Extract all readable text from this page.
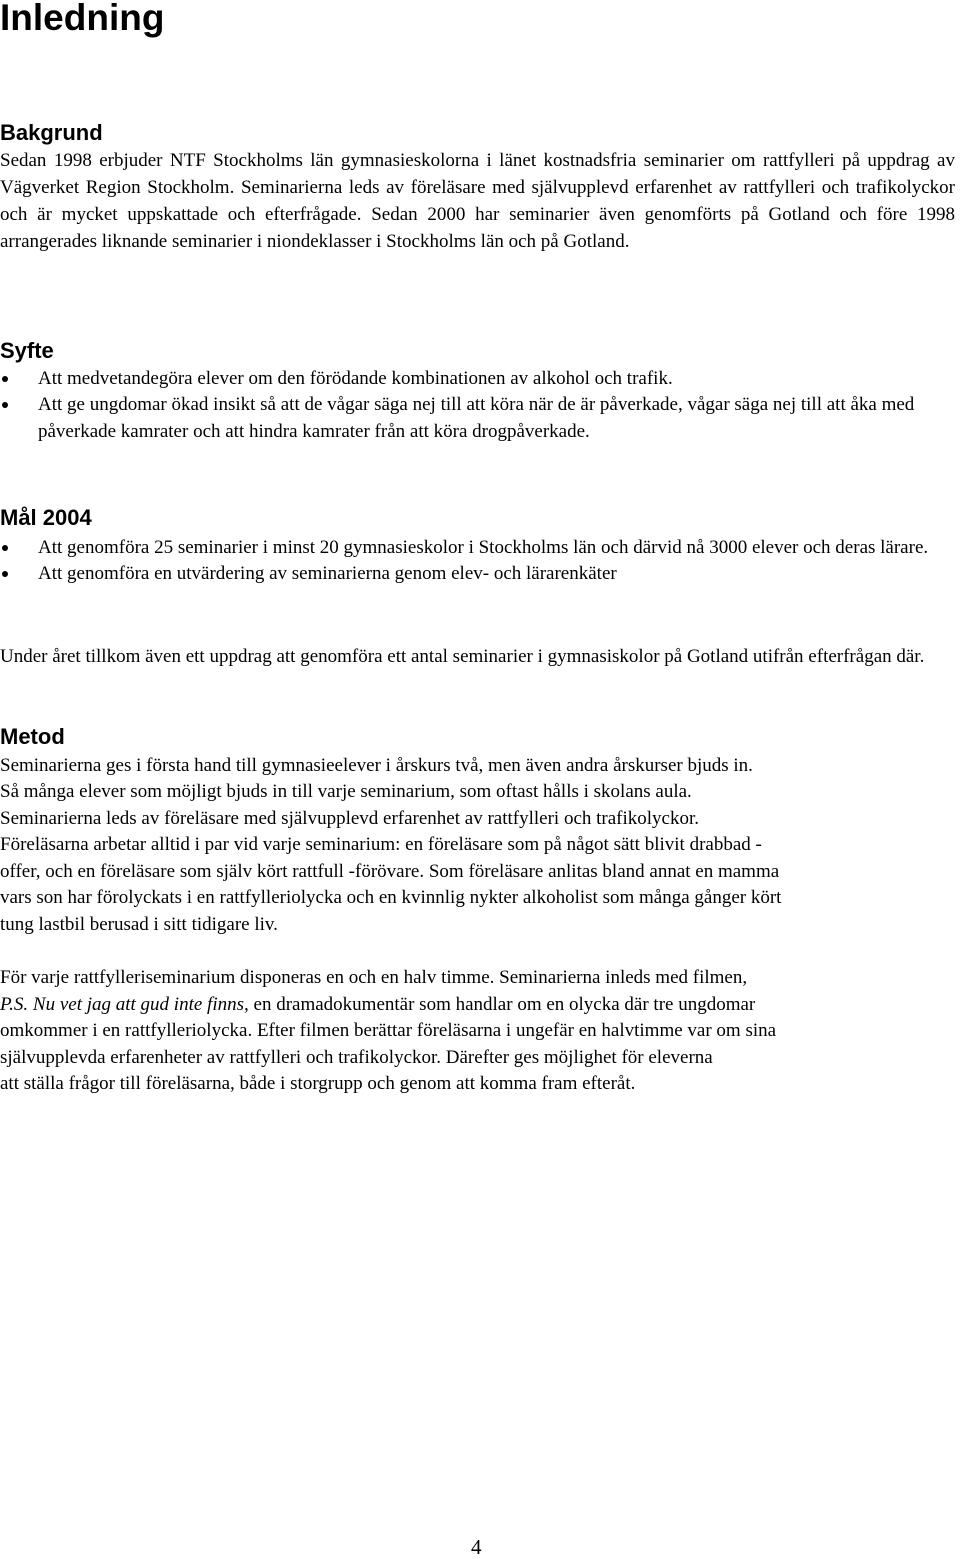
Inledning
Bakgrund

Sedan 1998 erbjuder NTF Stockholms län gymnasieskolorna i länet kostnadsfria seminarier om rattfylleri på uppdrag av Vägverket Region Stockholm. Seminarierna leds av föreläsare med självupplevd erfarenhet av rattfylleri och trafikolyckor och är mycket uppskattade och efterfrågade. Sedan 2000 har seminarier även genomförts på Gotland och före 1998 arrangerades liknande seminarier i niondeklasser i Stockholms län och på Gotland.

Syfte
Att medvetandegöra elever om den förödande kombinationen av alkohol och trafik.
Att ge ungdomar ökad insikt så att de vågar säga nej till att köra när de är påverkade, vågar säga nej till att åka med påverkade kamrater och att hindra kamrater från att köra drogpåverkade.
Mål 2004
Att genomföra 25 seminarier i minst 20 gymnasieskolor i Stockholms län och därvid nå 3000 elever och deras lärare.
Att genomföra en utvärdering av seminarierna genom elev- och lärarenkäter

Under året tillkom även ett uppdrag att genomföra ett antal seminarier i gymnasiskolor på Gotland utifrån efterfrågan där.

Metod

Seminarierna ges i första hand till gymnasieelever i årskurs två, men även andra årskurser bjuds in.

Så många elever som möjligt bjuds in till varje seminarium, som oftast hålls i skolans aula.

Seminarierna leds av föreläsare med självupplevd erfarenhet av rattfylleri och trafikolyckor.

Föreläsarna arbetar alltid i par vid varje seminarium: en föreläsare som på något sätt blivit drabbad -

offer, och en föreläsare som själv kört rattfull -förövare. Som föreläsare anlitas bland annat en mamma

vars son har förolyckats i en rattfylleriolycka och en kvinnlig nykter alkoholist som många gånger kört

tung lastbil berusad i sitt tidigare liv.

För varje rattfylleriseminarium disponeras en och en halv timme. Seminarierna inleds med filmen,

P.S. Nu vet jag att gud inte finns, en dramadokumentär som handlar om en olycka där tre ungdomar

omkommer i en rattfylleriolycka. Efter filmen berättar föreläsarna i ungefär en halvtimme var om sina

självupplevda erfarenheter av rattfylleri och trafikolyckor. Därefter ges möjlighet för eleverna

att ställa frågor till föreläsarna, både i storgrupp och genom att komma fram efteråt.

4
